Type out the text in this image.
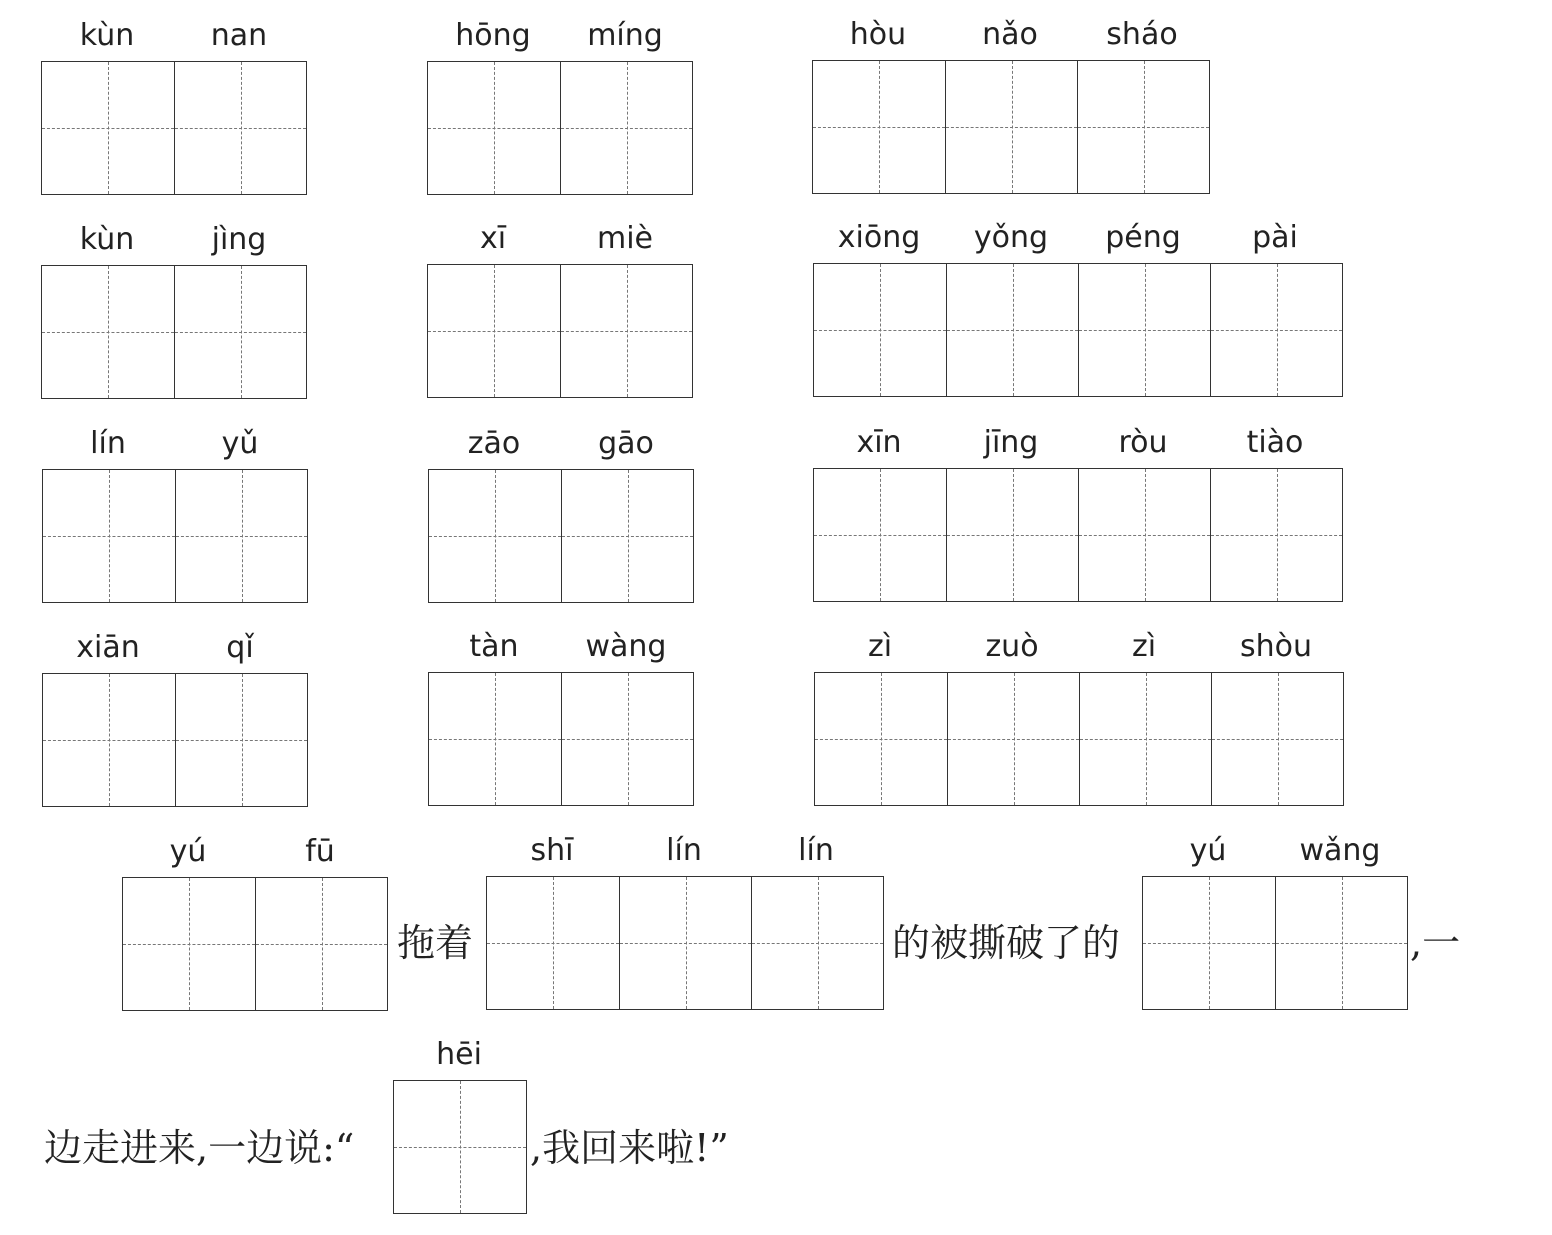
kùn	nan	hōng	míng	hòu	nǎo	sháo
kùn	jìng	xī	miè	xiōng	yǒng	péng	pài
lín	yǔ	zāo	gāo	xīn	jīng	ròu	tiào
xiān	qǐ	tàn	wàng	zì	zuò	zì	shòu
yú	fū
拖着
shī	lín	lín
的被撕破了的
yú	wǎng
,一
边走进来,一边说:“
hēi
,我回来啦!”
